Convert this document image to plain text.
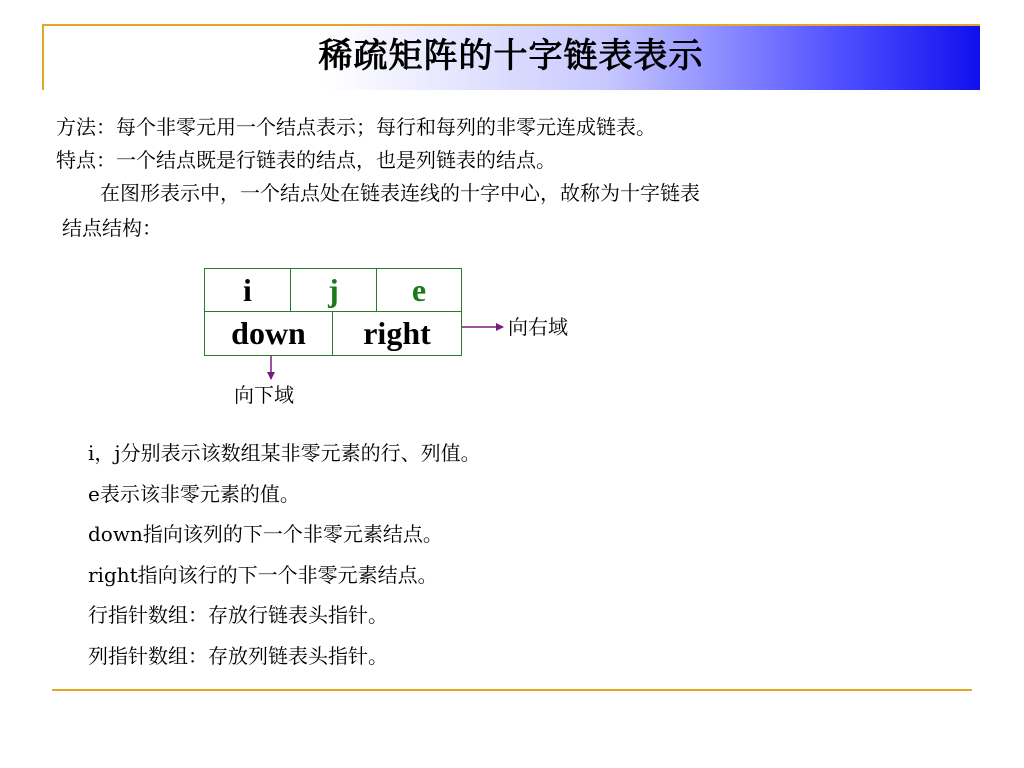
稀疏矩阵的十字链表表示
方法：每个非零元用一个结点表示；每行和每列的非零元连成链表。
特点：一个结点既是行链表的结点，也是列链表的结点。
在图形表示中，一个结点处在链表连线的十字中心，故称为十字链表
结点结构：
i	j	e
down	right	向右域
向下域
i，j分别表示该数组某非零元素的行、列值。
e表示该非零元素的值。
down指向该列的下一个非零元素结点。
right指向该行的下一个非零元素结点。
行指针数组：存放行链表头指针。
列指针数组：存放列链表头指针。
